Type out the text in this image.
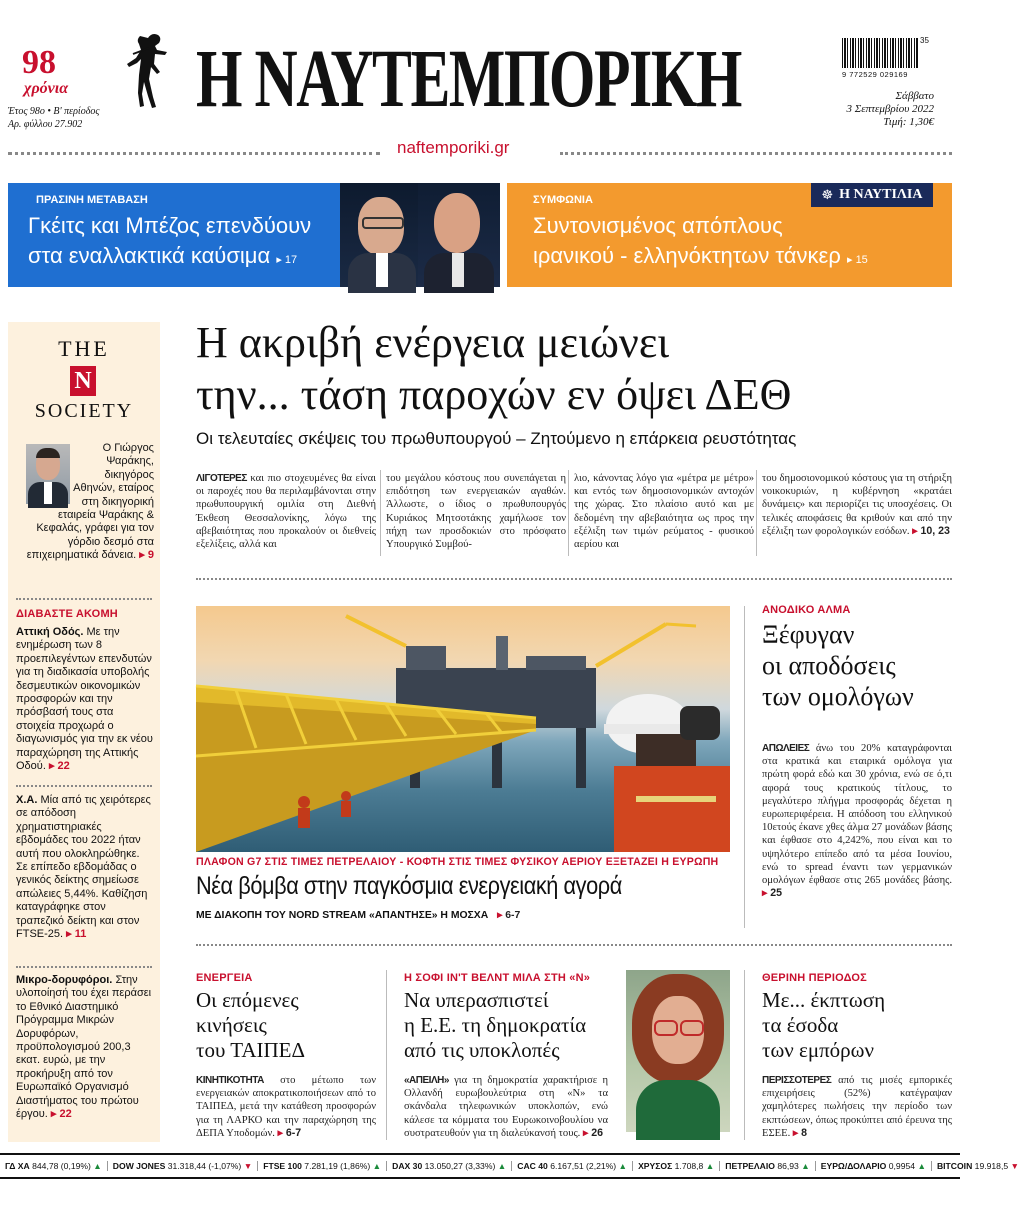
98
χρόνια
Έτος 98ο • Β' περίοδος
Αρ. φύλλου 27.902
Η ΝΑΥΤΕΜΠΟΡΙΚΗ	35
9 772529 029169
Σάββατο
3 Σεπτεμβρίου 2022
Τιμή: 1,30€
naftemporiki.gr
ΠΡΑΣΙΝΗ ΜΕΤΑΒΑΣΗ
Γκέιτς και Μπέζος επενδύουν
στα εναλλακτικά καύσιμα ▸ 17
ΣΥΜΦΩΝΙΑ	☸ Η ΝΑΥΤΙΛΙΑ
Συντονισμένος απόπλους
ιρανικού - ελληνόκτητων τάνκερ ▸ 15
THE
N
SOCIETY
Ο Γιώργος Ψαράκης, δικηγόρος Αθηνών, εταίρος στη δικηγορική εταιρεία Ψαράκης & Κεφαλάς, γράφει για τον γόρδιο δεσμό στα επιχειρηματικά δάνεια. ▸ 9
ΔΙΑΒΑΣΤΕ ΑΚΟΜΗ
Αττική Οδός. Με την ενημέρωση των 8 προεπιλεγέντων επενδυτών για τη διαδικασία υποβολής δεσμευτικών οικονομικών προσφορών και την πρόσβασή τους στα στοιχεία προχωρά ο διαγωνισμός για την εκ νέου παραχώρηση της Αττικής Οδού. ▸ 22
Χ.Α. Μία από τις χειρότερες σε απόδοση χρηματιστηριακές εβδομάδες του 2022 ήταν αυτή που ολοκληρώθηκε. Σε επίπεδο εβδομάδας ο γενικός δείκτης σημείωσε απώλειες 5,44%. Καθίζηση καταγράφηκε στον τραπεζικό δείκτη και στον FTSE-25. ▸ 11
Μικρο-δορυφόροι. Στην υλοποίησή του έχει περάσει το Εθνικό Διαστημικό Πρόγραμμα Μικρών Δορυφόρων, προϋπολογισμού 200,3 εκατ. ευρώ, με την προκήρυξη από τον Ευρωπαϊκό Οργανισμό Διαστήματος του πρώτου έργου. ▸ 22
Η ακριβή ενέργεια μειώνει
την... τάση παροχών εν όψει ΔΕΘ
Οι τελευταίες σκέψεις του πρωθυπουργού – Ζητούμενο η επάρκεια ρευστότητας
ΛΙΓΟΤΕΡΕΣ και πιο στοχευμένες θα είναι οι παροχές που θα περιλαμβάνονται στην πρωθυπουργική ομιλία στη Διεθνή Έκθεση Θεσσαλονίκης, λόγω της αβεβαιότητας που προκαλούν οι διεθνείς εξελίξεις, αλλά και
του μεγάλου κόστους που συνεπάγεται η επιδότηση των ενεργειακών αγαθών. Άλλωστε, ο ίδιος ο πρωθυπουργός Κυριάκος Μητσοτάκης χαμήλωσε τον πήχη των προσδοκιών στο πρόσφατο Υπουργικό Συμβού-
λιο, κάνοντας λόγο για «μέτρα με μέτρο» και εντός των δημοσιονομικών αντοχών της χώρας. Στο πλαίσιο αυτό και με δεδομένη την αβεβαιότητα ως προς την εξέλιξη των τιμών ρεύματος - φυσικού αερίου και
του δημοσιονομικού κόστους για τη στήριξη νοικοκυριών, η κυβέρνηση «κρατάει δυνάμεις» και περιορίζει τις υποσχέσεις. Οι τελικές αποφάσεις θα κριθούν και από την εξέλιξη των φορολογικών εσόδων. ▸ 10, 23
ΠΛΑΦΟΝ G7 ΣΤΙΣ ΤΙΜΕΣ ΠΕΤΡΕΛΑΙΟΥ - ΚΟΦΤΗ ΣΤΙΣ ΤΙΜΕΣ ΦΥΣΙΚΟΥ ΑΕΡΙΟΥ ΕΞΕΤΑΖΕΙ Η ΕΥΡΩΠΗ
Νέα βόμβα στην παγκόσμια ενεργειακή αγορά
ΜΕ ΔΙΑΚΟΠΗ ΤΟΥ NORD STREAM «ΑΠΑΝΤΗΣΕ» Η ΜΟΣΧΑ ▸ 6-7
ΑΝΟΔΙΚΟ ΑΛΜΑ
Ξέφυγαν
οι αποδόσεις
των ομολόγων
ΑΠΩΛΕΙΕΣ άνω του 20% καταγράφονται στα κρατικά και εταιρικά ομόλογα για πρώτη φορά εδώ και 30 χρόνια, ενώ σε ό,τι αφορά τους κρατικούς τίτλους, το μεγαλύτερο πλήγμα προσφοράς δέχεται η ευρωπεριφέρεια. Η απόδοση του ελληνικού 10ετούς έκανε χθες άλμα 27 μονάδων βάσης και έφθασε στο 4,242%, που είναι και το υψηλότερο επίπεδο από τα μέσα Ιουνίου, ενώ το spread έναντι των γερμανικών ομολόγων έφθασε στις 265 μονάδες βάσης. ▸ 25
ΕΝΕΡΓΕΙΑ
Οι επόμενες
κινήσεις
του ΤΑΙΠΕΔ
ΚΙΝΗΤΙΚΟΤΗΤΑ στο μέτωπο των ενεργειακών αποκρατικοποιήσεων από το ΤΑΙΠΕΔ, μετά την κατάθεση προσφορών για τη ΛΑΡΚΟ και την παραχώρηση της ΔΕΠΑ Υποδομών. ▸ 6-7
Η ΣΟΦΙ ΙΝ'Τ ΒΕΛΝΤ ΜΙΛΑ ΣΤΗ «Ν»
Να υπερασπιστεί
η Ε.Ε. τη δημοκρατία
από τις υποκλοπές
«ΑΠΕΙΛΗ» για τη δημοκρατία χαρακτήρισε η Ολλανδή ευρωβουλεύτρια στη «Ν» τα σκάνδαλα τηλεφωνικών υποκλοπών, ενώ κάλεσε τα κόμματα του Ευρωκοινοβουλίου να συστρατευθούν για τη διαλεύκανσή τους. ▸ 26
ΘΕΡΙΝΗ ΠΕΡΙΟΔΟΣ
Με... έκπτωση
τα έσοδα
των εμπόρων
ΠΕΡΙΣΣΟΤΕΡΕΣ από τις μισές εμπορικές επιχειρήσεις (52%) κατέγραψαν χαμηλότερες πωλήσεις την περίοδο των εκπτώσεων, όπως προκύπτει από έρευνα της ΕΣΕΕ. ▸ 8
ΓΔ ΧΑ 844,78 (0,19%) ▲	DOW JONES 31.318,44 (-1,07%) ▼	FTSE 100 7.281,19 (1,86%) ▲	DAX 30 13.050,27 (3,33%) ▲	CAC 40 6.167,51 (2,21%) ▲	ΧΡΥΣΟΣ 1.708,8 ▲	ΠΕΤΡΕΛΑΙΟ 86,93 ▲	ΕΥΡΩ/ΔΟΛΑΡΙΟ 0,9954 ▲	BITCOIN 19.918,5 ▼
